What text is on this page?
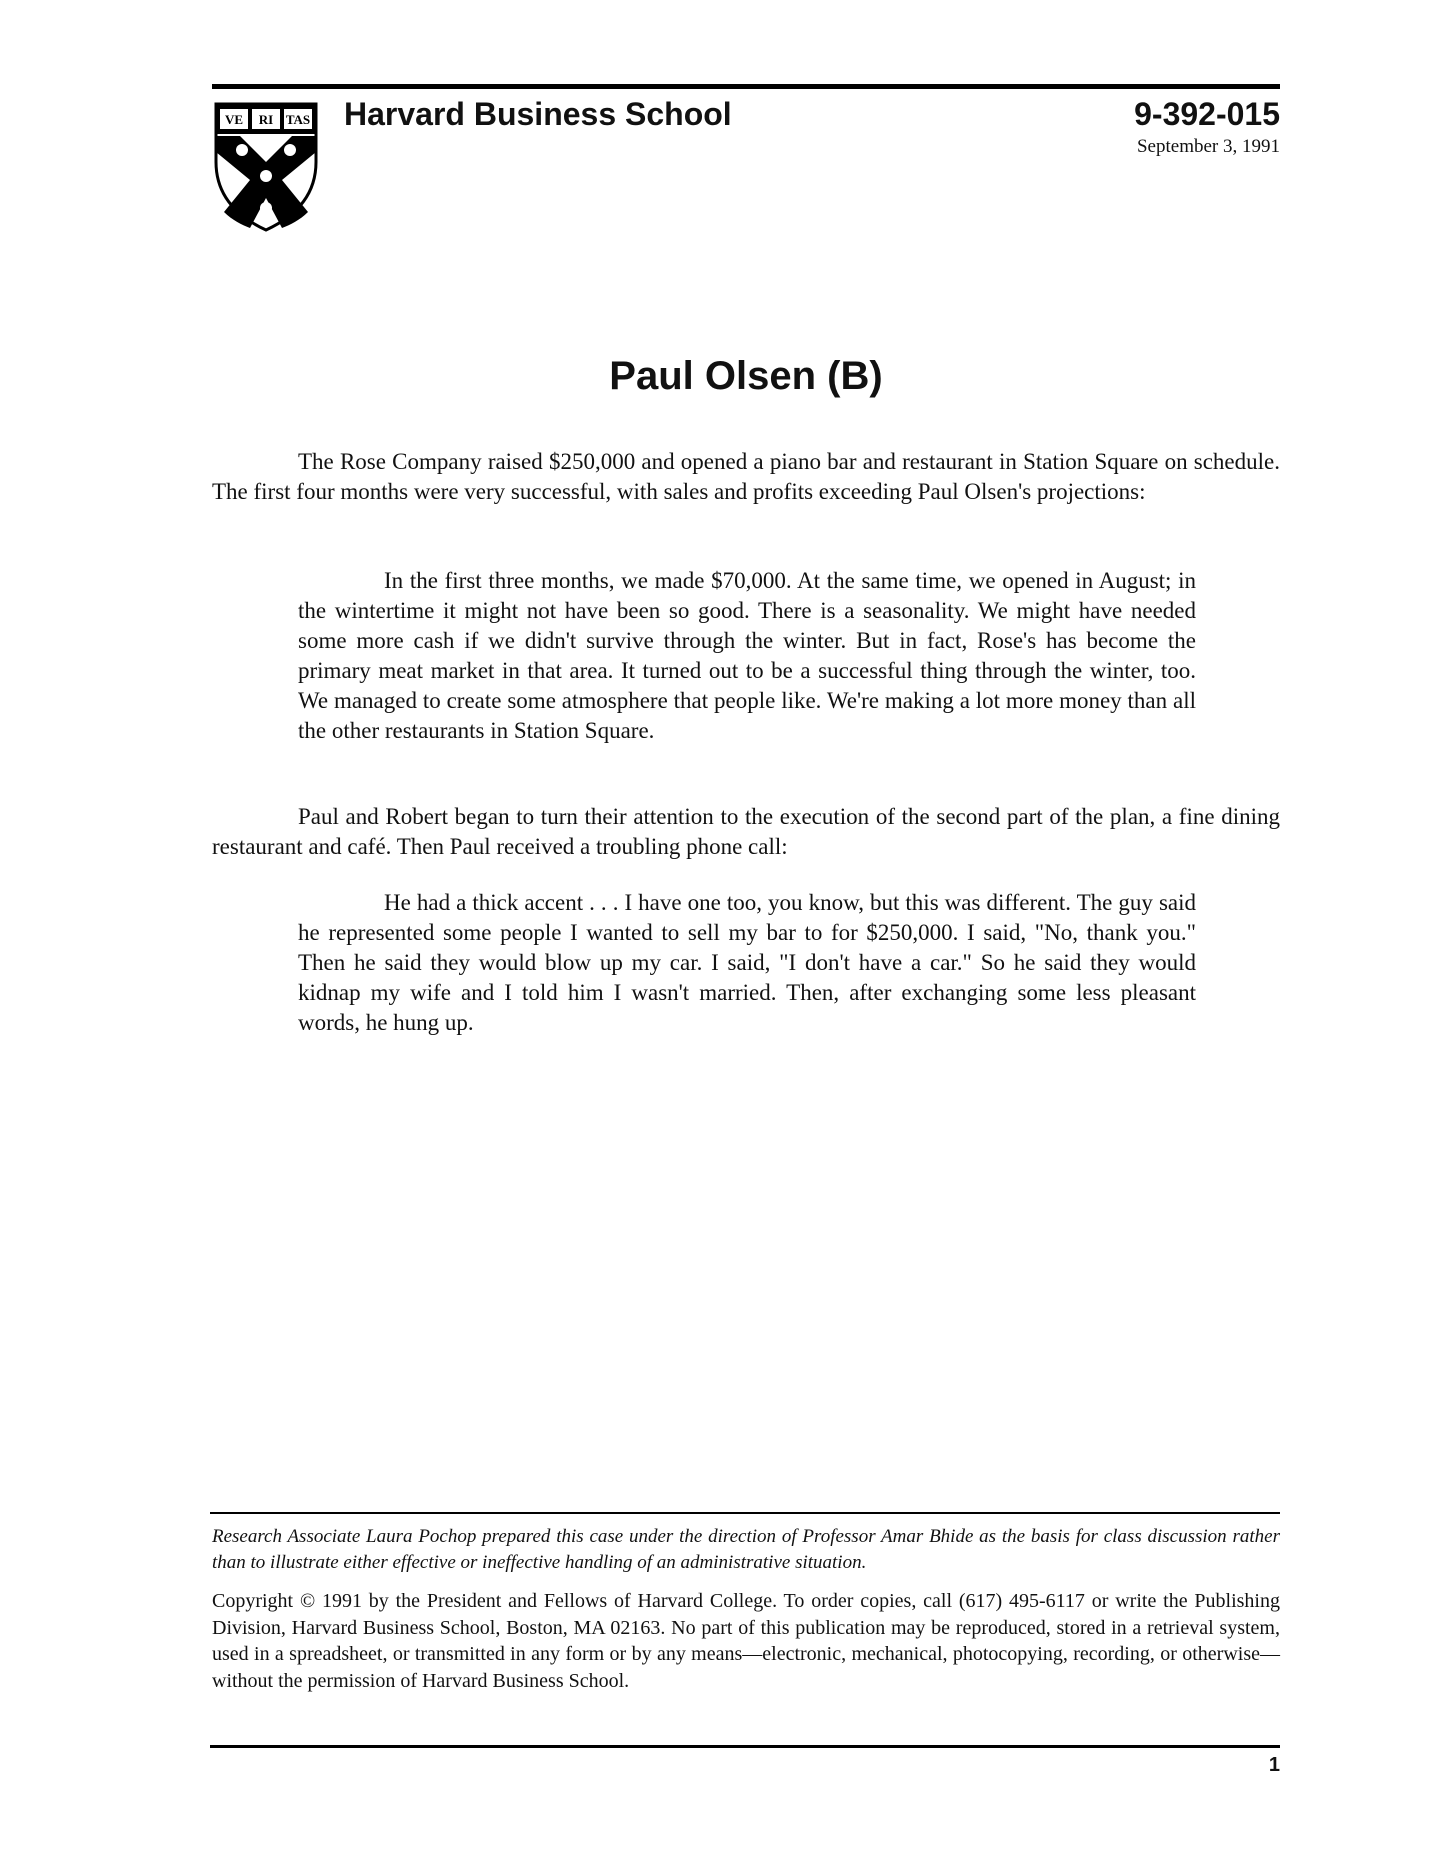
VE RI TAS Harvard Business School	9-392-015
September 3, 1991
Paul Olsen (B)

The Rose Company raised $250,000 and opened a piano bar and restaurant in Station Square on schedule. The first four months were very successful, with sales and profits exceeding Paul Olsen's projections:

In the first three months, we made $70,000. At the same time, we opened in August; in the wintertime it might not have been so good. There is a seasonality. We might have needed some more cash if we didn't survive through the winter. But in fact, Rose's has become the primary meat market in that area. It turned out to be a successful thing through the winter, too. We managed to create some atmosphere that people like. We're making a lot more money than all the other restaurants in Station Square.

Paul and Robert began to turn their attention to the execution of the second part of the plan, a fine dining restaurant and café. Then Paul received a troubling phone call:

He had a thick accent . . . I have one too, you know, but this was different. The guy said he represented some people I wanted to sell my bar to for $250,000. I said, "No, thank you." Then he said they would blow up my car. I said, "I don't have a car." So he said they would kidnap my wife and I told him I wasn't married. Then, after exchanging some less pleasant words, he hung up.

Research Associate Laura Pochop prepared this case under the direction of Professor Amar Bhide as the basis for class discussion rather than to illustrate either effective or ineffective handling of an administrative situation.
Copyright © 1991 by the President and Fellows of Harvard College. To order copies, call (617) 495-6117 or write the Publishing Division, Harvard Business School, Boston, MA 02163. No part of this publication may be reproduced, stored in a retrieval system, used in a spreadsheet, or transmitted in any form or by any means—electronic, mechanical, photocopying, recording, or otherwise—without the permission of Harvard Business School.
1
